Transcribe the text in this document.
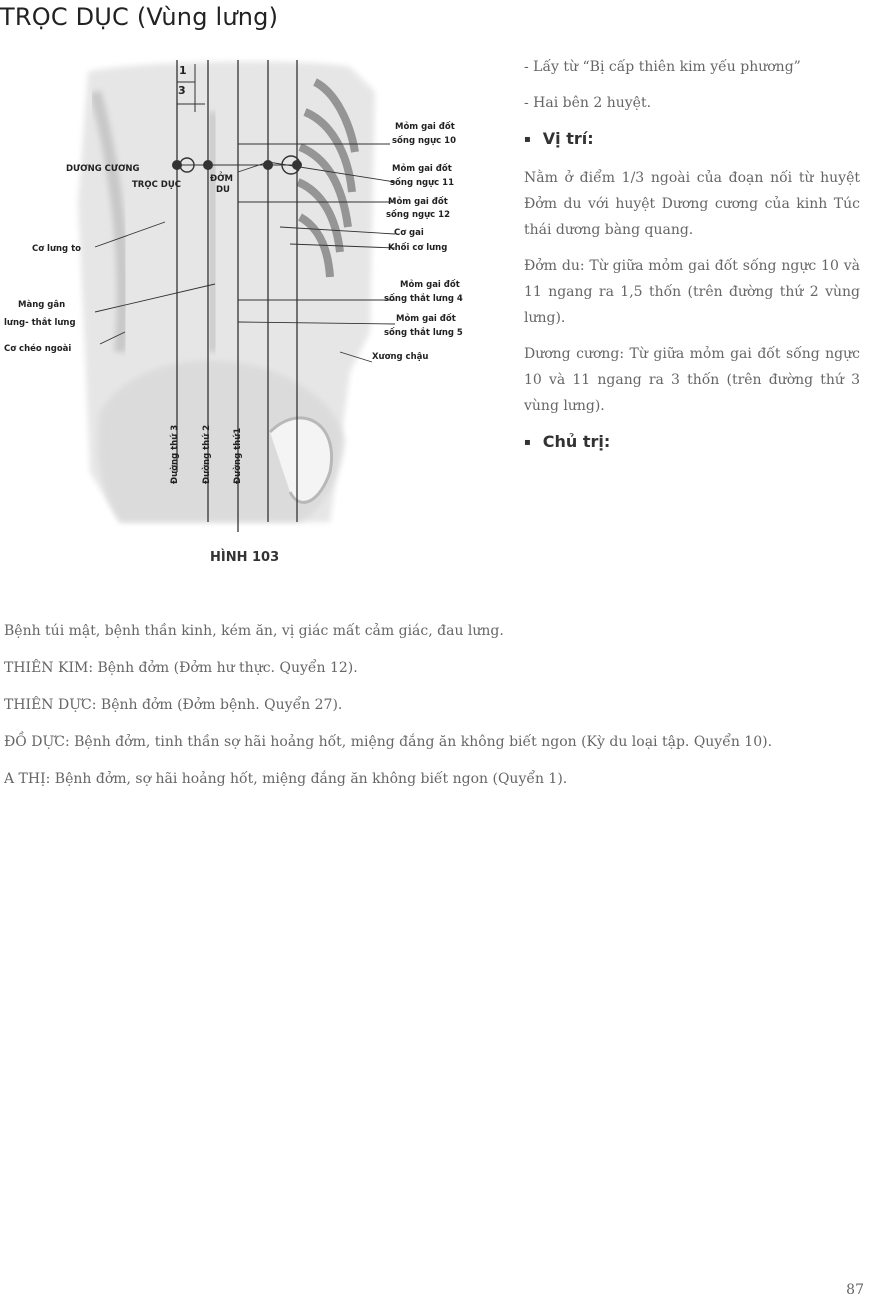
TRỌC DỤC (Vùng lưng)
1
3
DƯƠNG CƯƠNG
TRỌC DỤC
ĐỞM
DU
Cơ lưng to
Màng gân
lưng- thắt lưng
Cơ chéo ngoài
Mỏm gai đốt
sống ngực 10
Mỏm gai đốt
sống ngực 11
Mỏm gai đốt
sống ngực 12
Cơ gai
Khối cơ lưng
Mỏm gai đốt
sống thắt lưng 4
Mỏm gai đốt
sống thắt lưng 5
Xương chậu
Đường thứ 3	Đường thứ 2 Đường thứ1
HÌNH 103

- Lấy từ “Bị cấp thiên kim yếu phương”

- Hai bên 2 huyệt.

▪ Vị trí:

Nằm ở điểm 1/3 ngoài của đoạn nối từ huyệt Đởm du với huyệt Dương cương của kinh Túc thái dương bàng quang.

Đởm du: Từ giữa mỏm gai đốt sống ngực 10 và 11 ngang ra 1,5 thốn (trên đường thứ 2 vùng lưng).

Dương cương: Từ giữa mỏm gai đốt sống ngực 10 và 11 ngang ra 3 thốn (trên đường thứ 3 vùng lưng).

▪ Chủ trị:

Bệnh túi mật, bệnh thần kinh, kém ăn, vị giác mất cảm giác, đau lưng.

THIÊN KIM: Bệnh đởm (Đởm hư thực. Quyển 12).

THIÊN DỰC: Bệnh đởm (Đởm bệnh. Quyển 27).

ĐỒ DỰC: Bệnh đởm, tinh thần sợ hãi hoảng hốt, miệng đắng ăn không biết ngon (Kỳ du loại tập. Quyển 10).

A THỊ: Bệnh đởm, sợ hãi hoảng hốt, miệng đắng ăn không biết ngon (Quyển 1).

87
